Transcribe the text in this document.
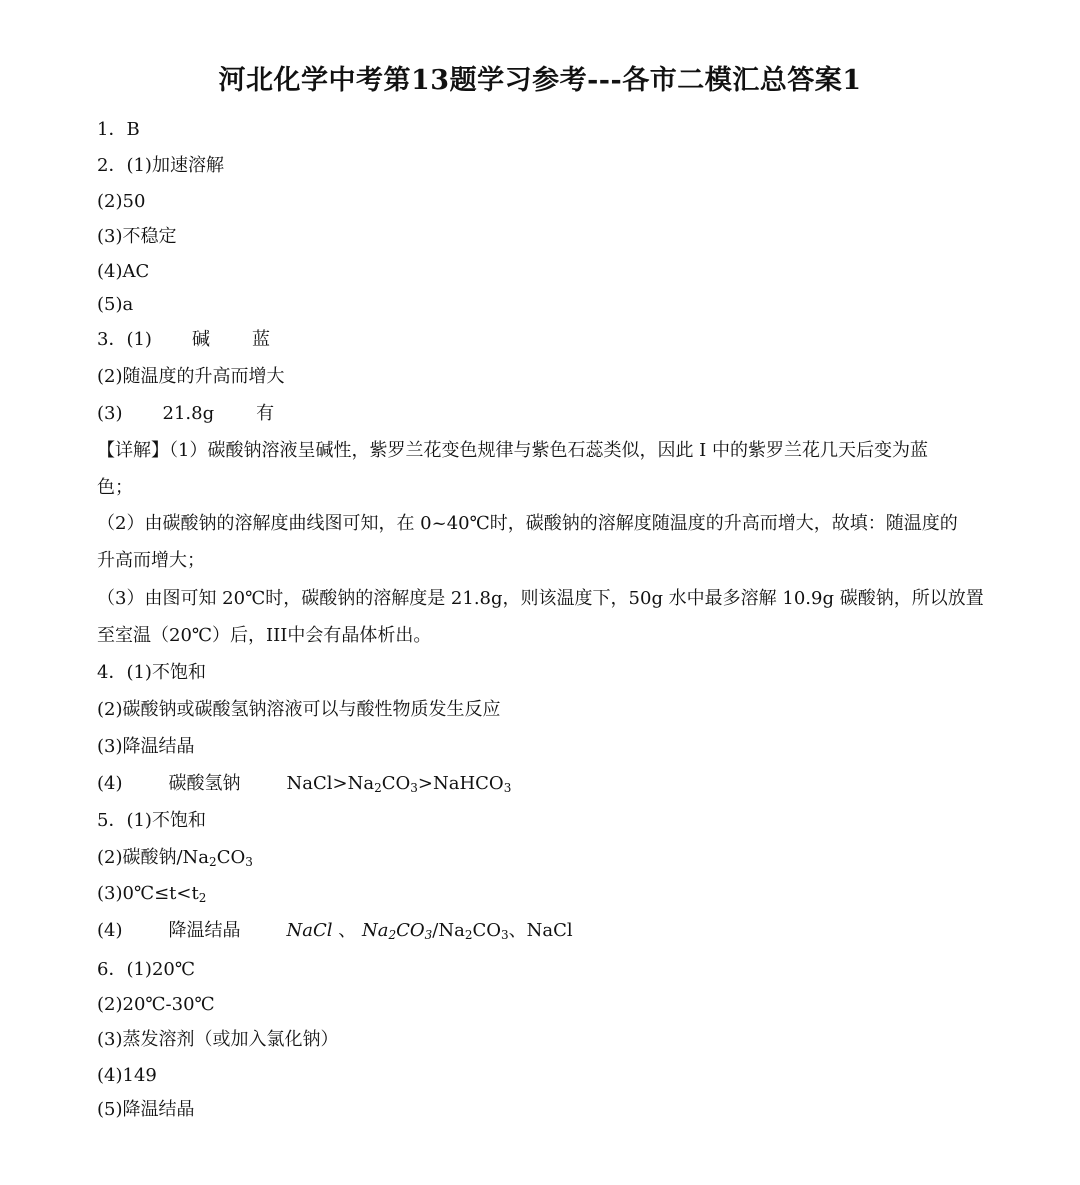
河北化学中考第13题学习参考---各市二模汇总答案1
1．B
2．(1)加速溶解
(2)50
(3)不稳定
(4)AC
(5)a
3．(1) 碱 蓝
(2)随温度的升高而增大
(3) 21.8g 有
【详解】（1）碳酸钠溶液呈碱性，紫罗兰花变色规律与紫色石蕊类似，因此 I 中的紫罗兰花几天后变为蓝
色；
（2）由碳酸钠的溶解度曲线图可知，在 0~40℃时，碳酸钠的溶解度随温度的升高而增大，故填：随温度的
升高而增大；
（3）由图可知 20℃时，碳酸钠的溶解度是 21.8g，则该温度下，50g 水中最多溶解 10.9g 碳酸钠，所以放置
至室温（20℃）后，III中会有晶体析出。
4．(1)不饱和
(2)碳酸钠或碳酸氢钠溶液可以与酸性物质发生反应
(3)降温结晶
(4)	碳酸氢钠	$NaCl>Na_2CO_3>NaHCO_3$
5．(1)不饱和
(2)碳酸钠$/Na_2CO_3$
$(3)0℃\le t<t_2$
(4)	降温结晶	NaCl 、 $Na_2CO_3/Na_2CO_3$、NaCl
6．(1)20℃
(2)20℃-30℃
(3)蒸发溶剂（或加入氯化钠）
(4)149
(5)降温结晶
